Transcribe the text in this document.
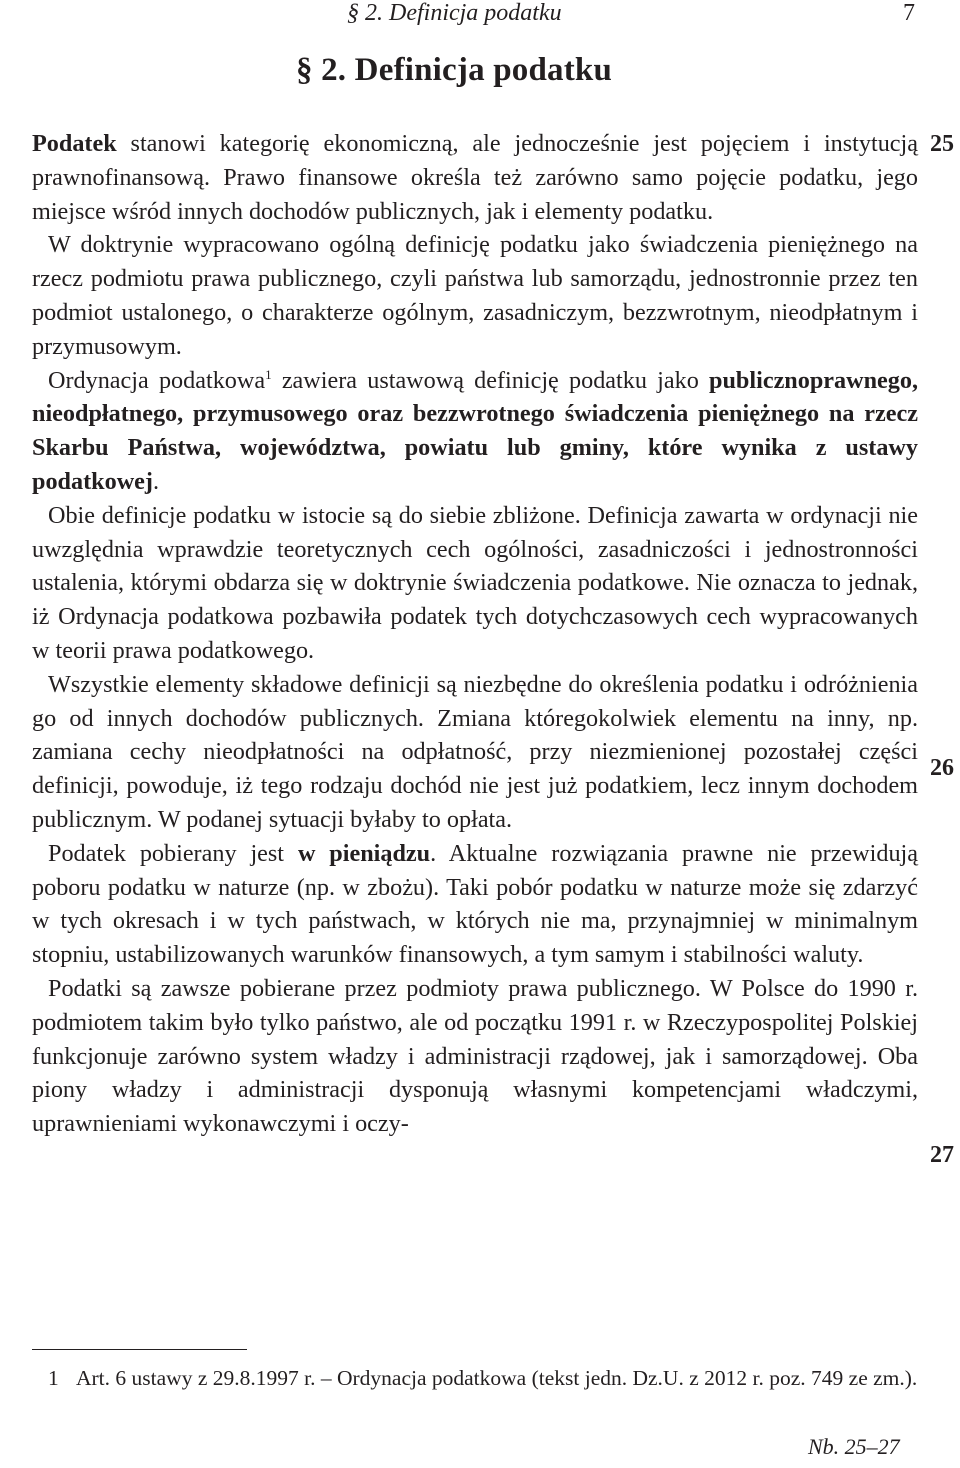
§ 2. Definicja podatku	7
§ 2. Definicja podatku

Podatek stanowi kategorię ekonomiczną, ale jednocześnie jest pojęciem i instytucją prawnofinansową. Prawo finansowe określa też zarówno samo pojęcie podatku, jego miejsce wśród innych dochodów publicznych, jak i elementy podatku.

W doktrynie wypracowano ogólną definicję podatku jako świadczenia pieniężnego na rzecz podmiotu prawa publicznego, czyli państwa lub samorządu, jednostronnie przez ten podmiot ustalonego, o charakterze ogólnym, zasadniczym, bezzwrotnym, nieodpłatnym i przymusowym.

Ordynacja podatkowa$^1$ zawiera ustawową definicję podatku jako publicznoprawnego, nieodpłatnego, przymusowego oraz bezzwrotnego świadczenia pieniężnego na rzecz Skarbu Państwa, województwa, powiatu lub gminy, które wynika z ustawy podatkowej.

Obie definicje podatku w istocie są do siebie zbliżone. Definicja zawarta w ordynacji nie uwzględnia wprawdzie teoretycznych cech ogólności, zasadniczości i jednostronności ustalenia, którymi obdarza się w doktrynie świadczenia podatkowe. Nie oznacza to jednak, iż Ordynacja podatkowa pozbawiła podatek tych dotychczasowych cech wypracowanych w teorii prawa podatkowego.

Wszystkie elementy składowe definicji są niezbędne do określenia podatku i odróżnienia go od innych dochodów publicznych. Zmiana któregokolwiek elementu na inny, np. zamiana cechy nieodpłatności na odpłatność, przy niezmienionej pozostałej części definicji, powoduje, iż tego rodzaju dochód nie jest już podatkiem, lecz innym dochodem publicznym. W podanej sytuacji byłaby to opłata.

Podatek pobierany jest w pieniądzu. Aktualne rozwiązania prawne nie przewidują poboru podatku w naturze (np. w zbożu). Taki pobór podatku w naturze może się zdarzyć w tych okresach i w tych państwach, w których nie ma, przynajmniej w minimalnym stopniu, ustabilizowanych warunków finansowych, a tym samym i stabilności waluty.

Podatki są zawsze pobierane przez podmioty prawa publicznego. W Polsce do 1990 r. podmiotem takim było tylko państwo, ale od początku 1991 r. w Rzeczypospolitej Polskiej funkcjonuje zarówno system władzy i administracji rządowej, jak i samorządowej. Oba piony władzy i administracji dysponują własnymi kompetencjami władczymi, uprawnieniami wykonawczymi i oczy-

25
26
27
1 Art. 6 ustawy z 29.8.1997 r. – Ordynacja podatkowa (tekst jedn. Dz.U. z 2012 r. poz. 749 ze zm.).
Nb. 25–27
